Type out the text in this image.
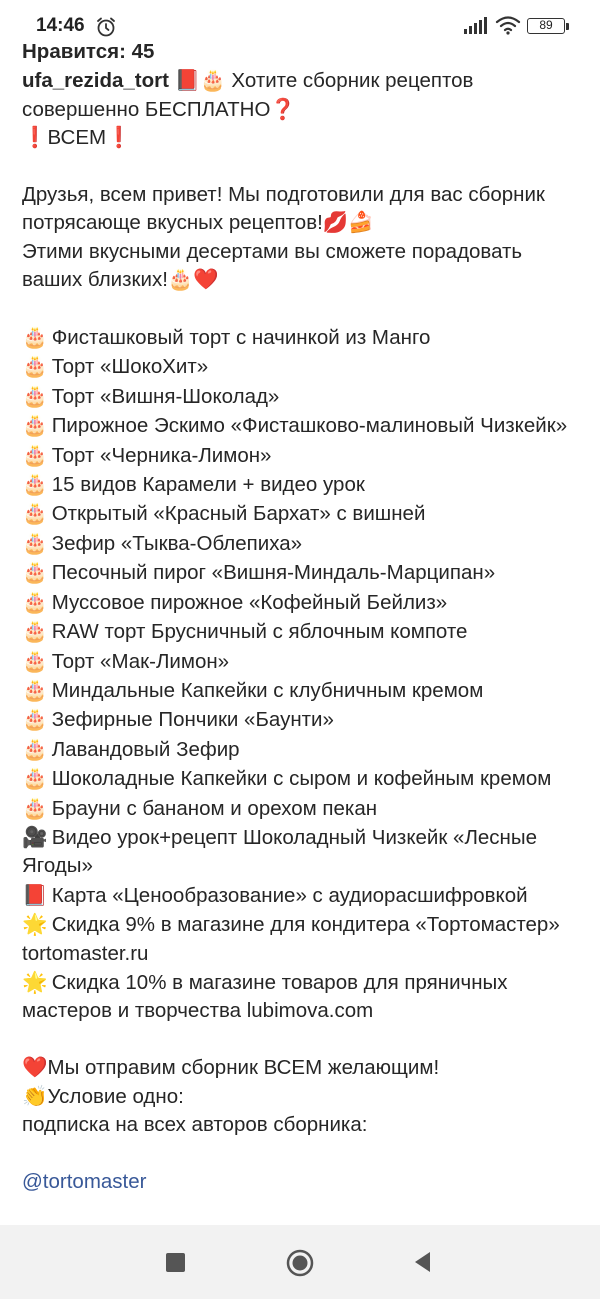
14:46	89
Нравится: 45
ufa_rezida_tort 📕🎂 Хотите сборник рецептов совершенно БЕСПЛАТНО❓
❗ВСЕМ❗
Друзья, всем привет! Мы подготовили для вас сборник потрясающе вкусных рецептов!💋🍰
Этими вкусными десертами вы сможете порадовать ваших близких!🎂❤️
🎂 Фисташковый торт с начинкой из Манго
🎂 Торт «ШокоХит»
🎂 Торт «Вишня-Шоколад»
🎂 Пирожное Эскимо «Фисташково-малиновый Чизкейк»
🎂 Торт «Черника-Лимон»
🎂 15 видов Карамели + видео урок
🎂 Открытый «Красный Бархат» с вишней
🎂 Зефир «Тыква-Облепиха»
🎂 Песочный пирог «Вишня-Миндаль-Марципан»
🎂 Муссовое пирожное «Кофейный Бейлиз»
🎂 RAW торт Брусничный с яблочным компоте
🎂 Торт «Мак-Лимон»
🎂 Миндальные Капкейки с клубничным кремом
🎂 Зефирные Пончики «Баунти»
🎂 Лавандовый Зефир
🎂 Шоколадные Капкейки с сыром и кофейным кремом
🎂 Брауни с бананом и орехом пекан
🎥 Видео урок+рецепт Шоколадный Чизкейк «Лесные Ягоды»
📕 Карта «Ценообразование» с аудиорасшифровкой
🌟 Скидка 9% в магазине для кондитера «Тортомастер» tortomaster.ru
🌟 Скидка 10% в магазине товаров для пряничных мастеров и творчества lubimova.com
❤️Мы отправим сборник ВСЕМ желающим!
👏Условие одно:
подписка на всех авторов сборника:
@tortomaster
